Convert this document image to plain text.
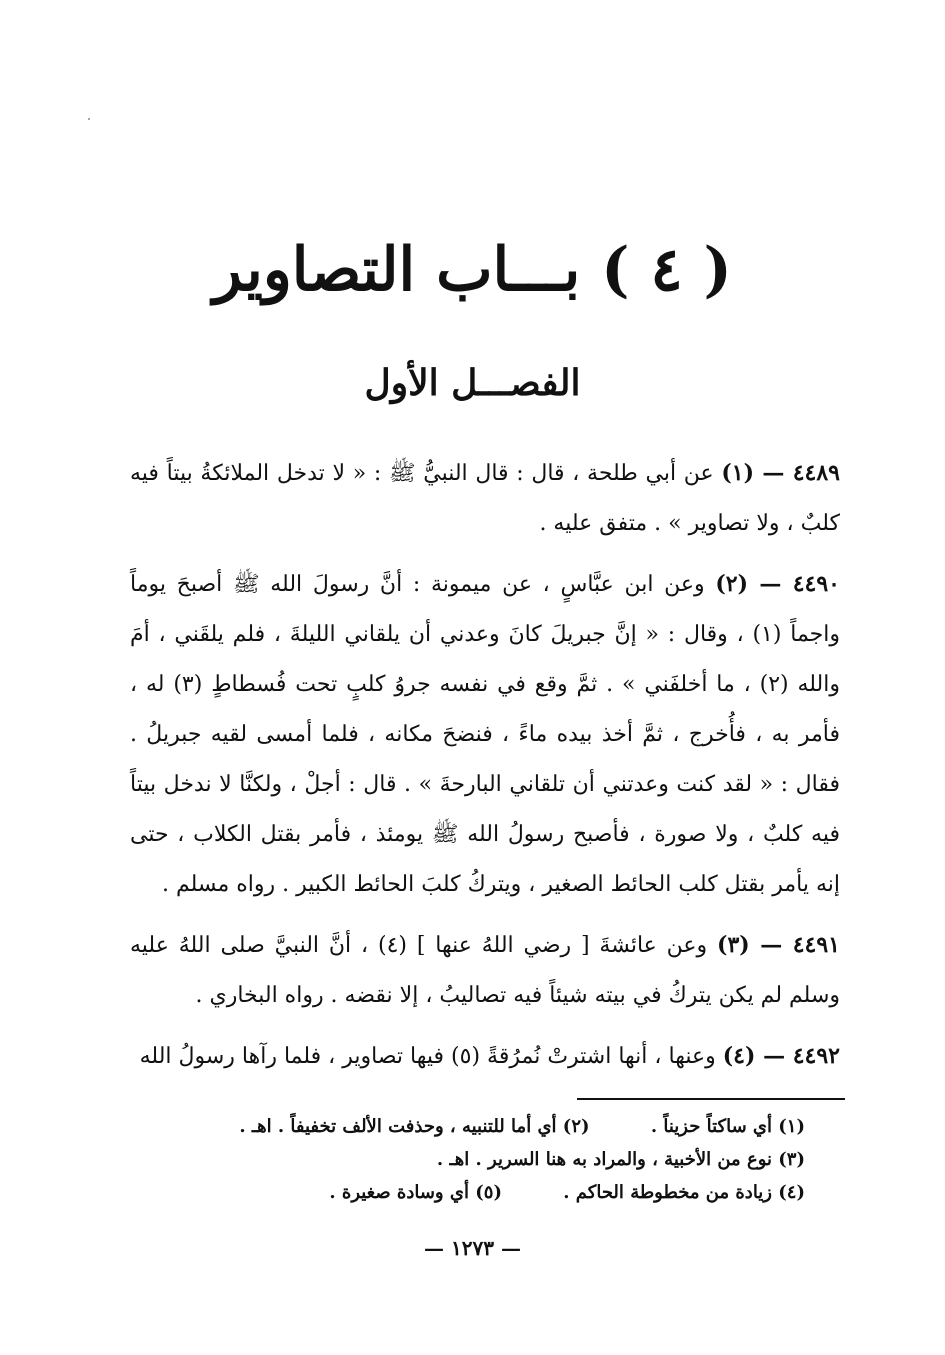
( ٤ ) بـــاب التصاوير
الفصـــل الأول

٤٤٨٩ — (١) عن أبي طلحة ، قال : قال النبيُّ ﷺ : « لا تدخل الملائكةُ بيتاً فيه كلبٌ ، ولا تصاوير » . متفق عليه .

٤٤٩٠ — (٢) وعن ابن عبَّاسٍ ، عن ميمونة : أنَّ رسولَ الله ﷺ أصبحَ يوماً واجماً (١) ، وقال : « إنَّ جبريلَ كانَ وعدني أن يلقاني الليلةَ ، فلم يلقَني ، أمَ والله (٢) ، ما أخلفَني » . ثمَّ وقع في نفسه جروُ كلبٍ تحت فُسطاطٍ (٣) له ، فأمر به ، فأُخرج ، ثمَّ أخذ بيده ماءً ، فنضحَ مكانه ، فلما أمسى لقيه جبريلُ . فقال : « لقد كنت وعدتني أن تلقاني البارحةَ » . قال : أجلْ ، ولكنَّا لا ندخل بيتاً فيه كلبٌ ، ولا صورة ، فأصبح رسولُ الله ﷺ يومئذ ، فأمر بقتل الكلاب ، حتى إنه يأمر بقتل كلب الحائط الصغير ، ويتركُ كلبَ الحائط الكبير . رواه مسلم .

٤٤٩١ — (٣) وعن عائشةَ [ رضي اللهُ عنها ] (٤) ، أنَّ النبيَّ صلى اللهُ عليه وسلم لم يكن يتركُ في بيته شيئاً فيه تصاليبُ ، إلا نقضه . رواه البخاري .

٤٤٩٢ — (٤) وعنها ، أنها اشترتْ نُمرُقةً (٥) فيها تصاوير ، فلما رآها رسولُ الله

(١) أي ساكتاً حزيناً . (٢) أي أما للتنبيه ، وحذفت الألف تخفيفاً . اهـ .
(٣) نوع من الأخبية ، والمراد به هنا السرير . اهـ .
(٤) زيادة من مخطوطة الحاكم . (٥) أي وسادة صغيرة .
— ١٢٧٣ —
